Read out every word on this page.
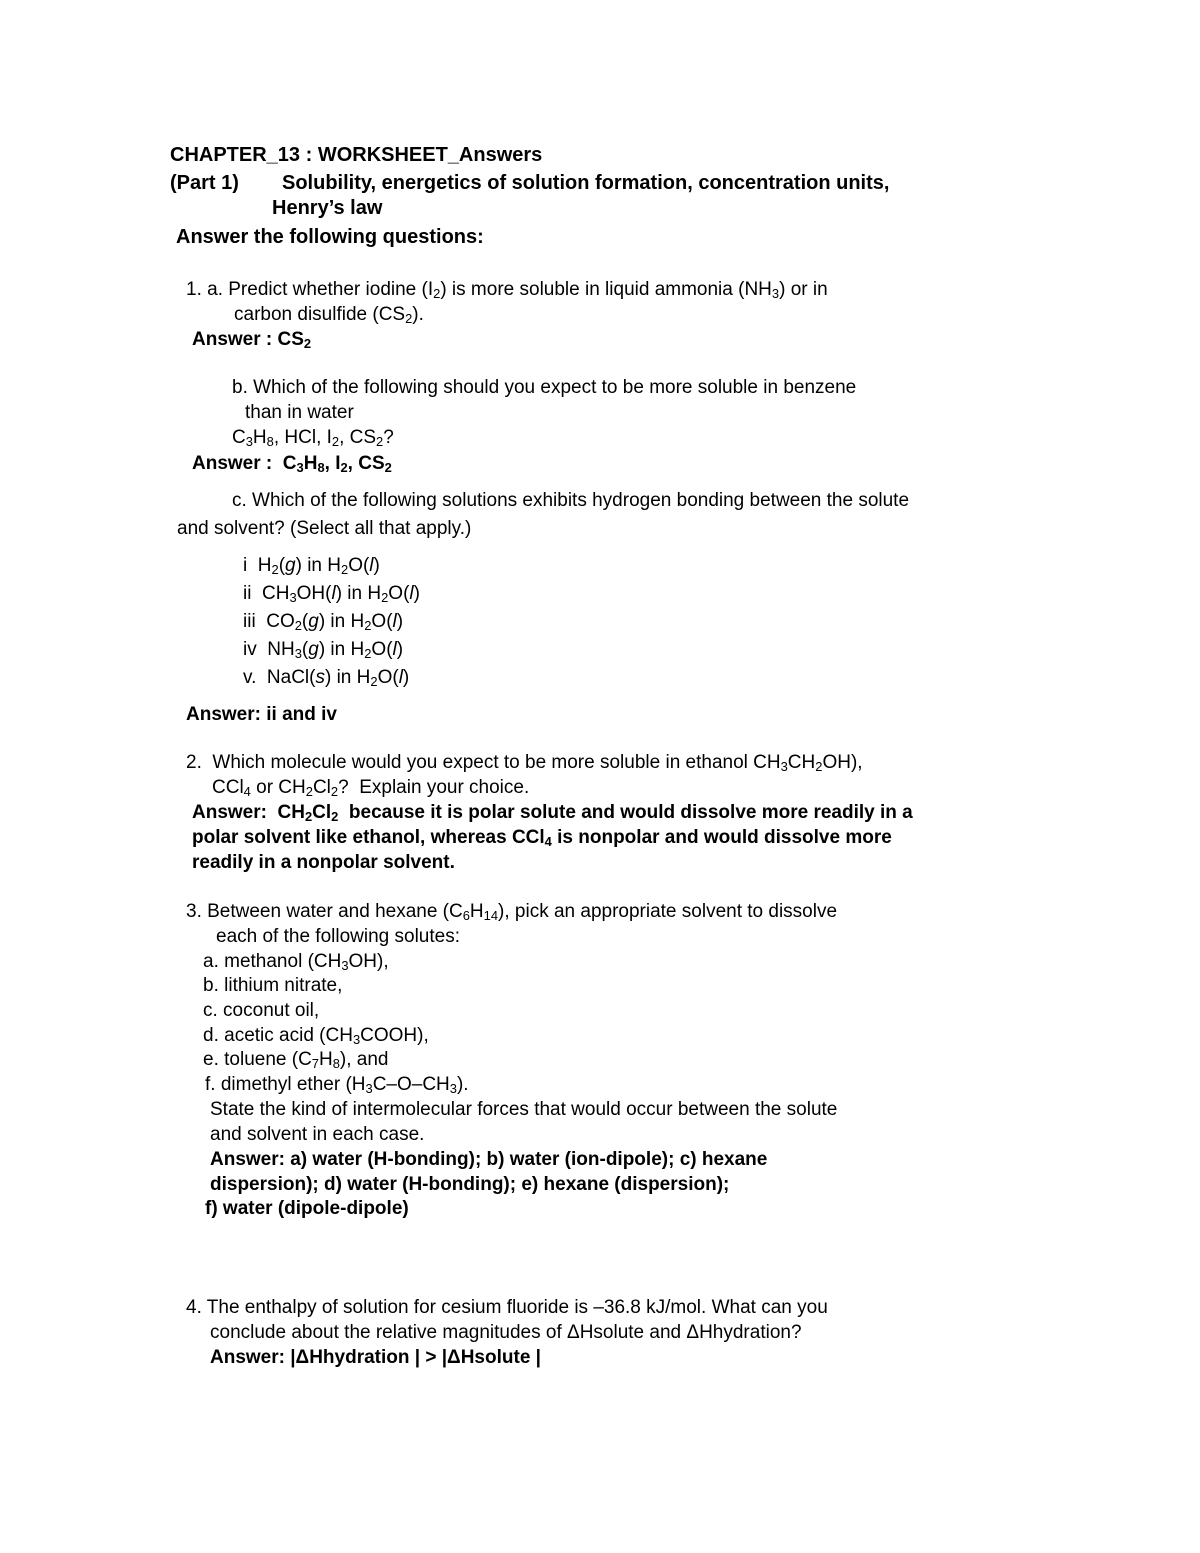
CHAPTER_13 : WORKSHEET_Answers
(Part 1) Solubility, energetics of solution formation, concentration units,
Henry’s law
Answer the following questions:
1. a. Predict whether iodine $(I_2)$ is more soluble in liquid ammonia $(NH_3)$ or in
carbon disulfide $(CS_2)$.
Answer : $CS_2$
b. Which of the following should you expect to be more soluble in benzene
than in water
$C_3H_8$, HCl, $I_2$, $CS_2$?
Answer :  $C_3H_8$, $I_2$, $CS_2$
c. Which of the following solutions exhibits hydrogen bonding between the solute
and solvent? (Select all that apply.)
i  $H_2(g)$ in $H_2O(l)$
ii  $CH_3OH(l)$ in $H_2O(l)$
iii  $CO_2(g)$ in $H_2O(l)$
iv  $NH_3(g)$ in $H_2O(l)$
v.  NaCl(s) in $H_2O(l)$
Answer: ii and iv
2.  Which molecule would you expect to be more soluble in ethanol $CH_3CH_2OH$),
CCl$_4$ or $CH_2Cl_2$?  Explain your choice.
Answer:  $CH_2Cl_2$ because it is polar solute and would dissolve more readily in a
polar solvent like ethanol, whereas CCl$_4$ is nonpolar and would dissolve more
readily in a nonpolar solvent.
3. Between water and hexane $(C_6H_{14})$, pick an appropriate solvent to dissolve
each of the following solutes:
a. methanol $(CH_3OH)$,
b. lithium nitrate,
c. coconut oil,
d. acetic acid $(CH_3COOH)$,
e. toluene $(C_7H_8)$, and
f. dimethyl ether $(H_3C-O-CH_3)$.
State the kind of intermolecular forces that would occur between the solute
and solvent in each case.
Answer: a) water (H-bonding); b) water (ion-dipole); c) hexane
dispersion); d) water (H-bonding); e) hexane (dispersion);
f) water (dipole-dipole)
4. The enthalpy of solution for cesium fluoride is –36.8 kJ/mol. What can you
conclude about the relative magnitudes of ΔHsolute and ΔHhydration?
Answer: |ΔHhydration | > |ΔHsolute |
